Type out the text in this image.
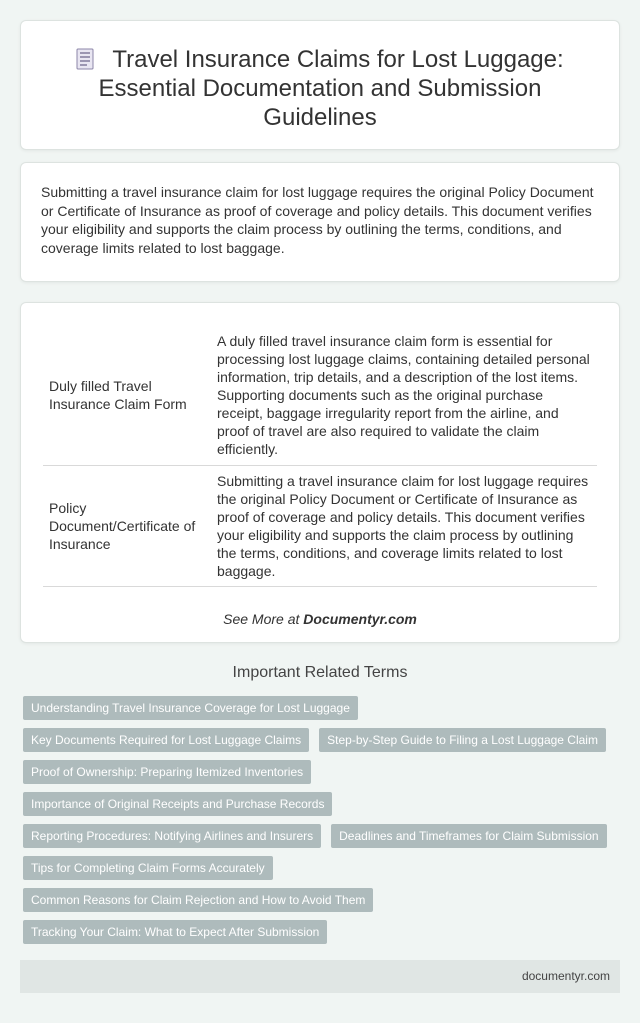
Travel Insurance Claims for Lost Luggage: Essential Documentation and Submission Guidelines

Submitting a travel insurance claim for lost luggage requires the original Policy Document or Certificate of Insurance as proof of coverage and policy details. This document verifies your eligibility and supports the claim process by outlining the terms, conditions, and coverage limits related to lost baggage.

Duly filled Travel Insurance Claim Form	A duly filled travel insurance claim form is essential for processing lost luggage claims, containing detailed personal information, trip details, and a description of the lost items. Supporting documents such as the original purchase receipt, baggage irregularity report from the airline, and proof of travel are also required to validate the claim efficiently.
Policy Document/Certificate of Insurance	Submitting a travel insurance claim for lost luggage requires the original Policy Document or Certificate of Insurance as proof of coverage and policy details. This document verifies your eligibility and supports the claim process by outlining the terms, conditions, and coverage limits related to lost baggage.
See More at Documentyr.com
Important Related Terms
Understanding Travel Insurance Coverage for Lost Luggage
Key Documents Required for Lost Luggage Claims	Step-by-Step Guide to Filing a Lost Luggage Claim
Proof of Ownership: Preparing Itemized Inventories
Importance of Original Receipts and Purchase Records
Reporting Procedures: Notifying Airlines and Insurers	Deadlines and Timeframes for Claim Submission
Tips for Completing Claim Forms Accurately
Common Reasons for Claim Rejection and How to Avoid Them
Tracking Your Claim: What to Expect After Submission
documentyr.com
